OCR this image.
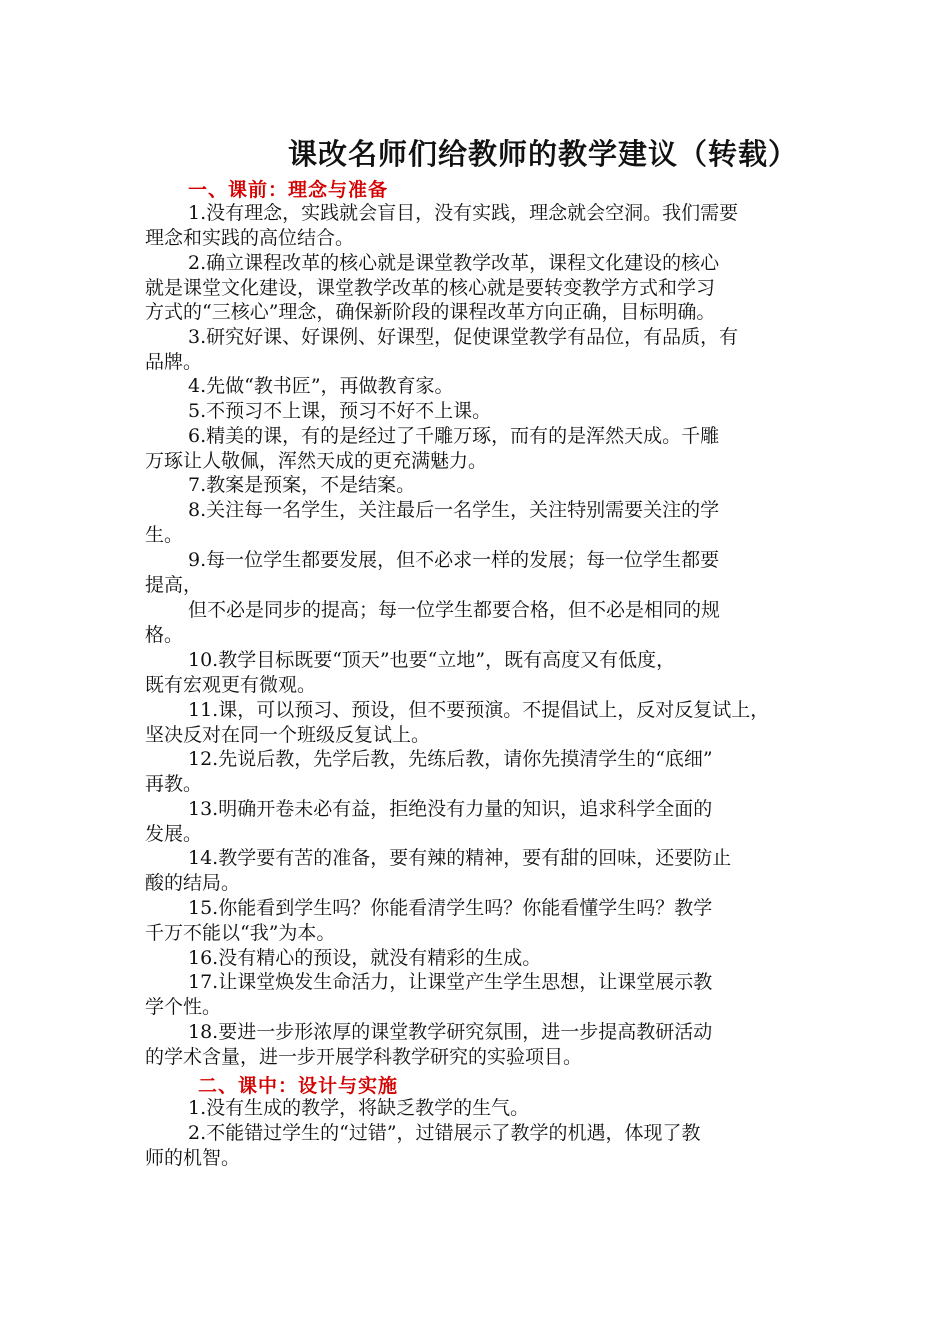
课改名师们给教师的教学建议（转载）
一、课前：理念与准备
1.没有理念，实践就会盲目，没有实践，理念就会空洞。我们需要
理念和实践的高位结合。
2.确立课程改革的核心就是课堂教学改革，课程文化建设的核心
就是课堂文化建设，课堂教学改革的核心就是要转变教学方式和学习
方式的“三核心”理念，确保新阶段的课程改革方向正确，目标明确。
3.研究好课、好课例、好课型，促使课堂教学有品位，有品质，有
品牌。
4.先做“教书匠”，再做教育家。
5.不预习不上课，预习不好不上课。
6.精美的课，有的是经过了千雕万琢，而有的是浑然天成。千雕
万琢让人敬佩，浑然天成的更充满魅力。
7.教案是预案，不是结案。
8.关注每一名学生，关注最后一名学生，关注特别需要关注的学
生。
9.每一位学生都要发展，但不必求一样的发展；每一位学生都要
提高，
但不必是同步的提高；每一位学生都要合格，但不必是相同的规
格。
10.教学目标既要“顶天”也要“立地”，既有高度又有低度，
既有宏观更有微观。
11.课，可以预习、预设，但不要预演。不提倡试上，反对反复试上，
坚决反对在同一个班级反复试上。
12.先说后教，先学后教，先练后教，请你先摸清学生的“底细”
再教。
13.明确开卷未必有益，拒绝没有力量的知识，追求科学全面的
发展。
14.教学要有苦的准备，要有辣的精神，要有甜的回味，还要防止
酸的结局。
15.你能看到学生吗？你能看清学生吗？你能看懂学生吗？教学
千万不能以“我”为本。
16.没有精心的预设，就没有精彩的生成。
17.让课堂焕发生命活力，让课堂产生学生思想，让课堂展示教
学个性。
18.要进一步形浓厚的课堂教学研究氛围，进一步提高教研活动
的学术含量，进一步开展学科教学研究的实验项目。
二、课中：设计与实施
1.没有生成的教学，将缺乏教学的生气。
2.不能错过学生的“过错”，过错展示了教学的机遇，体现了教
师的机智。
